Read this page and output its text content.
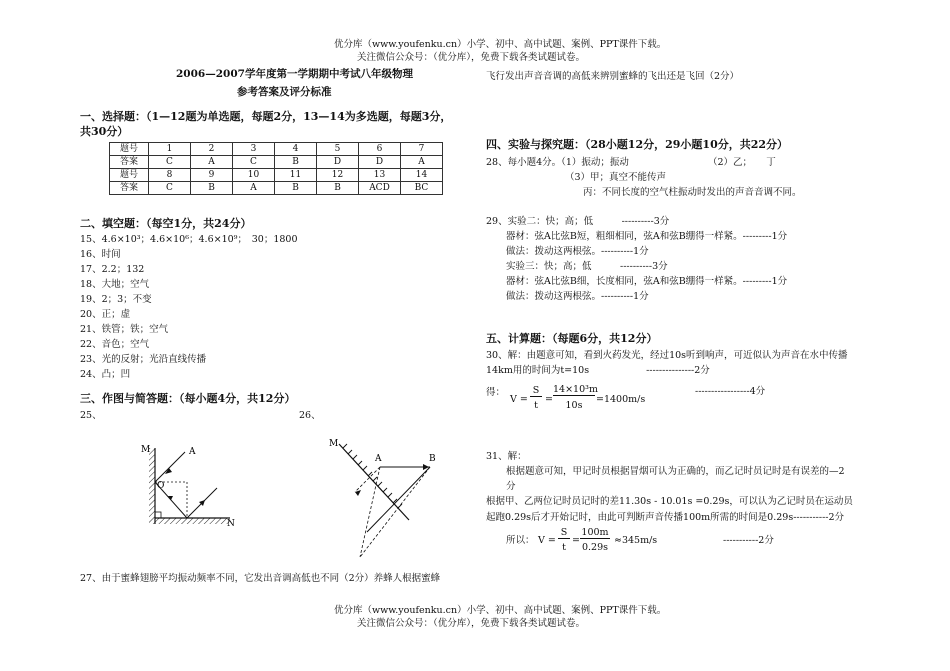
优分库（www.youfenku.cn）小学、初中、高中试题、案例、PPT课件下载。
关注微信公众号：（优分库），免费下载各类试题试卷。
2006—2007学年度第一学期期中考试八年级物理
参考答案及评分标准
一、选择题：（1—12题为单选题，每题2分，13—14为多选题，每题3分，
共30分）
题号	1	2	3	4	5	6	7
答案	C	A	C	B	D	D	A
题号	8	9	10	11	12	13	14
答案	C	B	A	B	B	ACD	BC
二、填空题：（每空1分，共24分）
15、4.6×10³；4.6×10⁶；4.6×10⁹；　30；1800
16、时间
17、2.2；132
18、大地；空气
19、2；3；不变
20、正；虚
21、铁管；铁；空气
22、音色；空气
23、光的反射；光沿直线传播
24、凸；凹
三、作图与简答题：（每小题4分，共12分）
25、	26、
M	A
O
N
M
A	B
27、由于蜜蜂翅膀平均振动频率不同，它发出音调高低也不同（2分）养蜂人根据蜜蜂
飞行发出声音音调的高低来辨别蜜蜂的飞出还是飞回（2分）
四、实验与探究题：（28小题12分，29小题10分，共22分）
28、每小题4分。（1）振动；振动	（2）乙；　　丁
（3）甲；真空不能传声
丙：不同长度的空气柱振动时发出的声音音调不同。
29、实验二：快；高；低　　　----------3分
器材：弦A比弦B短，粗细相同，弦A和弦B绷得一样紧。---------1分
做法：拨动这两根弦。----------1分
实验三：快；高；低　　　----------3分
器材：弦A比弦B细，长度相同，弦A和弦B绷得一样紧。---------1分
做法：拨动这两根弦。----------1分
五、计算题：（每题6分，共12分）
30、解：由题意可知，看到火药发光，经过10s听到响声，可近似认为声音在水中传播
14km用的时间为t=10s　　　　　　---------------2分
得：
V =
S
t
=
14×10³m
10s
=1400m/s
-----------------4分
31、解：
根据题意可知，甲记时员根据冒烟可认为正确的，而乙记时员记时是有误差的—2
分
根据甲、乙两位记时员记时的差11.30s - 10.01s =0.29s，可以认为乙记时员在运动员
起跑0.29s后才开始记时，由此可判断声音传播100m所需的时间是0.29s-----------2分
所以： V =
S
t
=
100m
0.29s
≈345m/s	-----------2分
优分库（www.youfenku.cn）小学、初中、高中试题、案例、PPT课件下载。
关注微信公众号：（优分库），免费下载各类试题试卷。
